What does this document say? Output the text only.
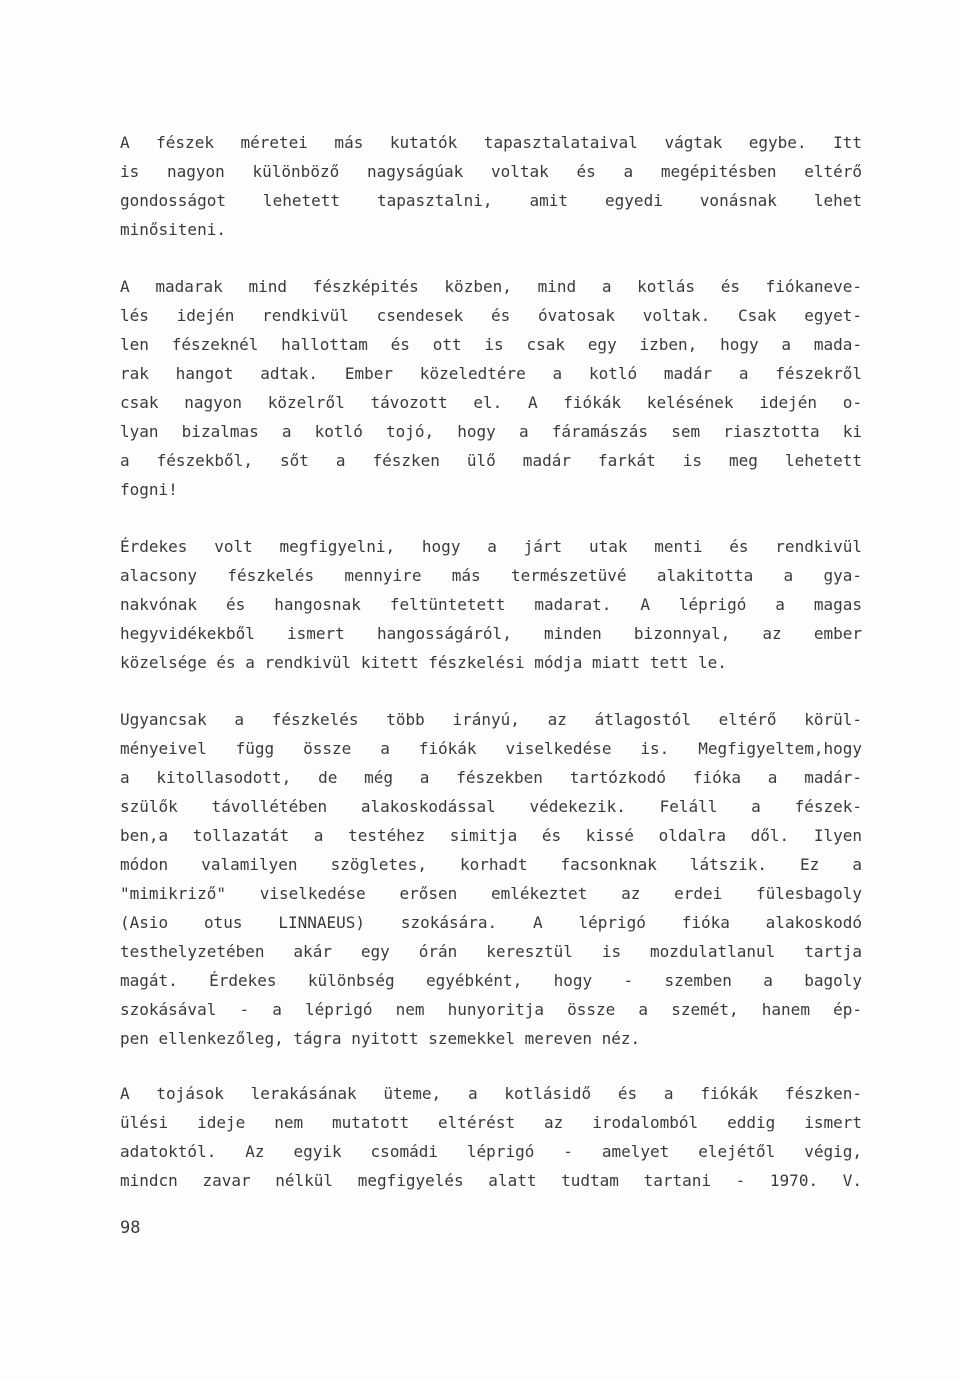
A fészek méretei más kutatók tapasztalataival vágtak egybe. Itt
is nagyon különböző nagyságúak voltak és a megépitésben eltérő
gondosságot lehetett tapasztalni, amit egyedi vonásnak lehet
minősiteni.
A madarak mind fészképités közben, mind a kotlás és fiókaneve-
lés idején rendkivül csendesek és óvatosak voltak. Csak egyet-
len fészeknél hallottam és ott is csak egy izben, hogy a mada-
rak hangot adtak. Ember közeledtére a kotló madár a fészekről
csak nagyon közelről távozott el. A fiókák kelésének idején o-
lyan bizalmas a kotló tojó, hogy a fáramászás sem riasztotta ki
a fészekből, sőt a fészken ülő madár farkát is meg lehetett
fogni!
Érdekes volt megfigyelni, hogy a járt utak menti és rendkivül
alacsony fészkelés mennyire más természetüvé alakitotta a gya-
nakvónak és hangosnak feltüntetett madarat. A léprigó a magas
hegyvidékekből ismert hangosságáról, minden bizonnyal, az ember
közelsége és a rendkivül kitett fészkelési módja miatt tett le.
Ugyancsak a fészkelés több irányú, az átlagostól eltérő körül-
ményeivel függ össze a fiókák viselkedése is. Megfigyeltem,hogy
a kitollasodott, de még a fészekben tartózkodó fióka a madár-
szülők távollétében alakoskodással védekezik. Feláll a fészek-
ben,a tollazatát a testéhez simitja és kissé oldalra dől. Ilyen
módon valamilyen szögletes, korhadt facsonknak látszik. Ez a
"mimikriző" viselkedése erősen emlékeztet az erdei fülesbagoly
(Asio otus LINNAEUS) szokására. A léprigó fióka alakoskodó
testhelyzetében akár egy órán keresztül is mozdulatlanul tartja
magát. Érdekes különbség egyébként, hogy - szemben a bagoly
szokásával - a léprigó nem hunyoritja össze a szemét, hanem ép-
pen ellenkezőleg, tágra nyitott szemekkel mereven néz.
A tojások lerakásának üteme, a kotlásidő és a fiókák fészken-
ülési ideje nem mutatott eltérést az irodalomból eddig ismert
adatoktól. Az egyik csomádi léprigó - amelyet elejétől végig,
mindcn zavar nélkül megfigyelés alatt tudtam tartani - 1970. V.
98
